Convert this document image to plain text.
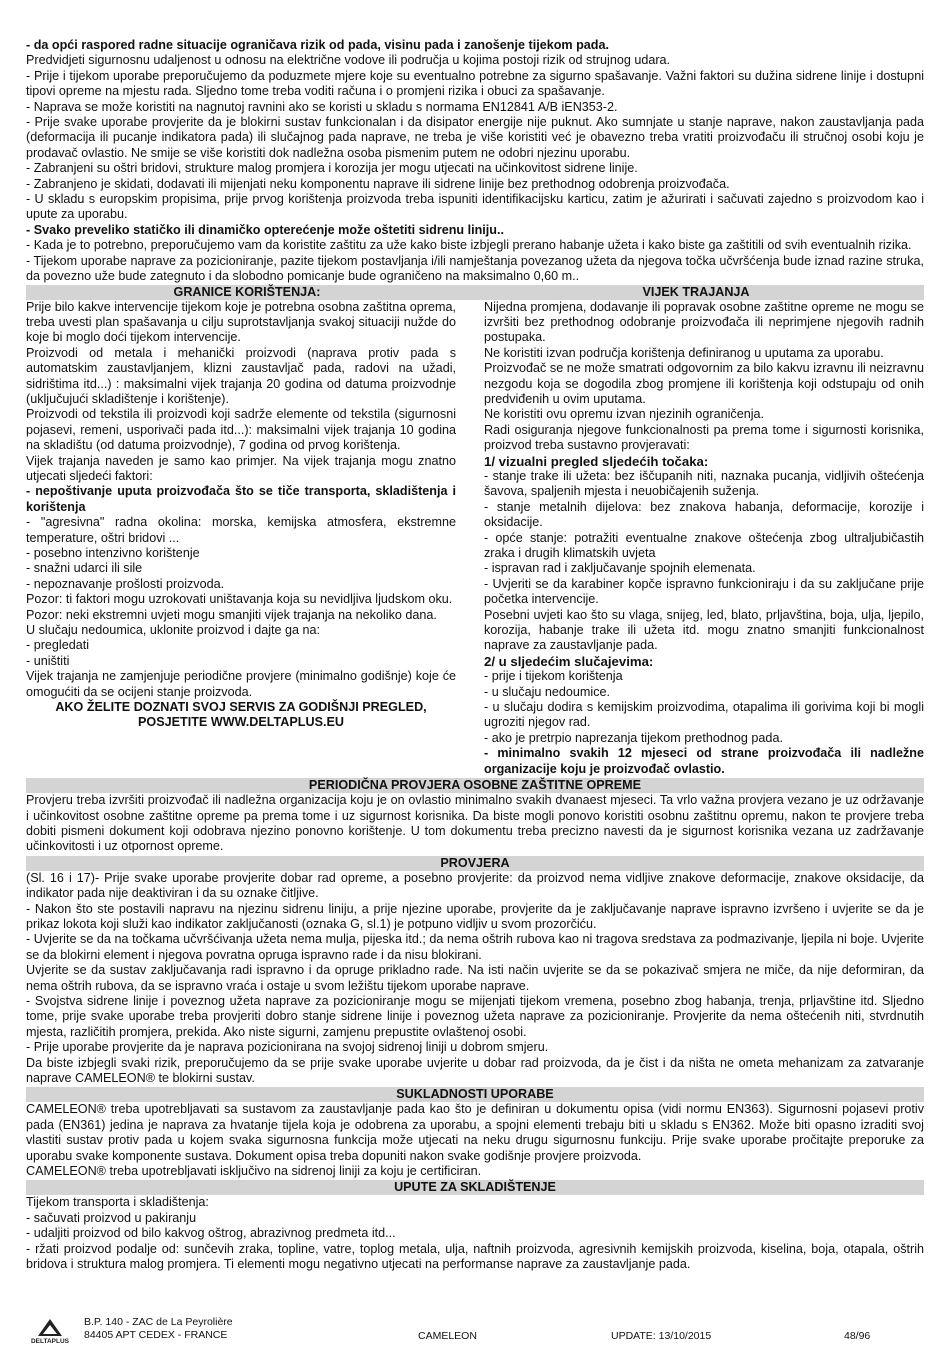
- da opći raspored radne situacije ograničava rizik od pada, visinu pada i zanošenje tijekom pada.

Predvidjeti sigurnosnu udaljenost u odnosu na električne vodove ili područja u kojima postoji rizik od strujnog udara.

- Prije i tijekom uporabe preporučujemo da poduzmete mjere koje su eventualno potrebne za sigurno spašavanje. Važni faktori su dužina sidrene linije i dostupni tipovi opreme na mjestu rada. Sljedno tome treba voditi računa i o promjeni rizika i obuci za spašavanje.

- Naprava se može koristiti na nagnutoj ravnini ako se koristi u skladu s normama EN12841 A/B iEN353-2.

- Prije svake uporabe provjerite da je blokirni sustav funkcionalan i da disipator energije nije puknut. Ako sumnjate u stanje naprave, nakon zaustavljanja pada (deformacija ili pucanje indikatora pada) ili slučajnog pada naprave, ne treba je više koristiti već je obavezno treba vratiti proizvođaču ili stručnoj osobi koju je prodavač ovlastio. Ne smije se više koristiti dok nadležna osoba pismenim putem ne odobri njezinu uporabu.

- Zabranjeni su oštri bridovi, strukture malog promjera i korozija jer mogu utjecati na učinkovitost sidrene linije.

- Zabranjeno je skidati, dodavati ili mijenjati neku komponentu naprave ili sidrene linije bez prethodnog odobrenja proizvođača.

- U skladu s europskim propisima, prije prvog korištenja proizvoda treba ispuniti identifikacijsku karticu, zatim je ažurirati i sačuvati zajedno s proizvodom kao i upute za uporabu.

- Svako preveliko statičko ili dinamičko opterećenje može oštetiti sidrenu liniju..

- Kada je to potrebno, preporučujemo vam da koristite zaštitu za uže kako biste izbjegli prerano habanje užeta i kako biste ga zaštitili od svih eventualnih rizika.

- Tijekom uporabe naprave za pozicioniranje, pazite tijekom postavljanja i/ili namještanja povezanog užeta da njegova točka učvršćenja bude iznad razine struka, da povezno uže bude zategnuto i da slobodno pomicanje bude ograničeno na maksimalno 0,60 m..

GRANICE KORIŠTENJA:	VIJEK TRAJANJA

Prije bilo kakve intervencije tijekom koje je potrebna osobna zaštitna oprema, treba uvesti plan spašavanja u cilju suprotstavljanja svakoj situaciji nužde do koje bi moglo doći tijekom intervencije.

Proizvodi od metala i mehanički proizvodi (naprava protiv pada s automatskim zaustavljanjem, klizni zaustavljač pada, radovi na užadi, sidrištima itd...) : maksimalni vijek trajanja 20 godina od datuma proizvodnje (uključujući skladištenje i korištenje).

Proizvodi od tekstila ili proizvodi koji sadrže elemente od tekstila (sigurnosni pojasevi, remeni, usporivači pada itd...): maksimalni vijek trajanja 10 godina na skladištu (od datuma proizvodnje), 7 godina od prvog korištenja.

Vijek trajanja naveden je samo kao primjer. Na vijek trajanja mogu znatno utjecati sljedeći faktori:

- nepoštivanje uputa proizvođača što se tiče transporta, skladištenja i korištenja

- "agresivna" radna okolina: morska, kemijska atmosfera, ekstremne temperature, oštri bridovi ...

- posebno intenzivno korištenje

- snažni udarci ili sile

- nepoznavanje prošlosti proizvoda.

Pozor: ti faktori mogu uzrokovati uništavanja koja su nevidljiva ljudskom oku.

Pozor: neki ekstremni uvjeti mogu smanjiti vijek trajanja na nekoliko dana.

U slučaju nedoumica, uklonite proizvod i dajte ga na:

- pregledati

- uništiti

Vijek trajanja ne zamjenjuje periodične provjere (minimalno godišnje) koje će omogućiti da se ocijeni stanje proizvoda.

AKO ŽELITE DOZNATI SVOJ SERVIS ZA GODIŠNJI PREGLED,

POSJETITE WWW.DELTAPLUS.EU

Nijedna promjena, dodavanje ili popravak osobne zaštitne opreme ne mogu se izvršiti bez prethodnog odobranje proizvođača ili neprimjene njegovih radnih postupaka.

Ne koristiti izvan područja korištenja definiranog u uputama za uporabu.

Proizvođač se ne može smatrati odgovornim za bilo kakvu izravnu ili neizravnu nezgodu koja se dogodila zbog promjene ili korištenja koji odstupaju od onih predviđenih u ovim uputama.

Ne koristiti ovu opremu izvan njezinih ograničenja.

Radi osiguranja njegove funkcionalnosti pa prema tome i sigurnosti korisnika, proizvod treba sustavno provjeravati:

1/ vizualni pregled sljedećih točaka:

- stanje trake ili užeta: bez iščupanih niti, naznaka pucanja, vidljivih oštećenja šavova, spaljenih mjesta i neuobičajenih suženja.

- stanje metalnih dijelova: bez znakova habanja, deformacije, korozije i oksidacije.

- opće stanje: potražiti eventualne znakove oštećenja zbog ultraljubičastih zraka i drugih klimatskih uvjeta

- ispravan rad i zaključavanje spojnih elemenata.

- Uvjeriti se da karabiner kopče ispravno funkcioniraju i da su zaključane prije početka intervencije.

Posebni uvjeti kao što su vlaga, snijeg, led, blato, prljavština, boja, ulja, ljepilo, korozija, habanje trake ili užeta itd. mogu znatno smanjiti funkcionalnost naprave za zaustavljanje pada.

2/ u sljedećim slučajevima:

- prije i tijekom korištenja

- u slučaju nedoumice.

- u slučaju dodira s kemijskim proizvodima, otapalima ili gorivima koji bi mogli ugroziti njegov rad.

- ako je pretrpio naprezanja tijekom prethodnog pada.

- minimalno svakih 12 mjeseci od strane proizvođača ili nadležne organizacije koju je proizvođač ovlastio.

PERIODIČNA PROVJERA OSOBNE ZAŠTITNE OPREME

Provjeru treba izvršiti proizvođač ili nadležna organizacija koju je on ovlastio minimalno svakih dvanaest mjeseci. Ta vrlo važna provjera vezano je uz održavanje i učinkovitost osobne zaštitne opreme pa prema tome i uz sigurnost korisnika. Da biste mogli ponovo koristiti osobnu zaštitnu opremu, nakon te provjere treba dobiti pismeni dokument koji odobrava njezino ponovno korištenje. U tom dokumentu treba precizno navesti da je sigurnost korisnika vezana uz zadržavanje učinkovitosti i uz otpornost opreme.

PROVJERA

(Sl. 16 i 17)- Prije svake uporabe provjerite dobar rad opreme, a posebno provjerite: da proizvod nema vidljive znakove deformacije, znakove oksidacije, da indikator pada nije deaktiviran i da su oznake čitljive.

- Nakon što ste postavili napravu na njezinu sidrenu liniju, a prije njezine uporabe, provjerite da je zaključavanje naprave ispravno izvršeno i uvjerite se da je prikaz lokota koji služi kao indikator zaključanosti (oznaka G, sl.1) je potpuno vidljiv u svom prozorčiću.

- Uvjerite se da na točkama učvršćivanja užeta nema mulja, pijeska itd.; da nema oštrih rubova kao ni tragova sredstava za podmazivanje, ljepila ni boje. Uvjerite se da blokirni element i njegova povratna opruga ispravno rade i da nisu blokirani.

Uvjerite se da sustav zaključavanja radi ispravno i da opruge prikladno rade. Na isti način uvjerite se da se pokazivač smjera ne miče, da nije deformiran, da nema oštrih rubova, da se ispravno vraća i ostaje u svom ležištu tijekom uporabe naprave.

- Svojstva sidrene linije i poveznog užeta naprave za pozicioniranje mogu se mijenjati tijekom vremena, posebno zbog habanja, trenja, prljavštine itd. Sljedno tome, prije svake uporabe treba provjeriti dobro stanje sidrene linije i poveznog užeta naprave za pozicioniranje. Provjerite da nema oštećenih niti, stvrdnutih mjesta, različitih promjera, prekida. Ako niste sigurni, zamjenu prepustite ovlaštenoj osobi.

- Prije uporabe provjerite da je naprava pozicionirana na svojoj sidrenoj liniji u dobrom smjeru.

Da biste izbjegli svaki rizik, preporučujemo da se prije svake uporabe uvjerite u dobar rad proizvoda, da je čist i da ništa ne ometa mehanizam za zatvaranje naprave CAMELEON® te blokirni sustav.

SUKLADNOSTI UPORABE

CAMELEON® treba upotrebljavati sa sustavom za zaustavljanje pada kao što je definiran u dokumentu opisa (vidi normu EN363). Sigurnosni pojasevi protiv pada (EN361) jedina je naprava za hvatanje tijela koja je odobrena za uporabu, a spojni elementi trebaju biti u skladu s EN362. Može biti opasno izraditi svoj vlastiti sustav protiv pada u kojem svaka sigurnosna funkcija može utjecati na neku drugu sigurnosnu funkciju. Prije svake uporabe pročitajte preporuke za uporabu svake komponente sustava. Dokument opisa treba dopuniti nakon svake godišnje provjere proizvoda.

CAMELEON® treba upotrebljavati isključivo na sidrenoj liniji za koju je certificiran.

UPUTE ZA SKLADIŠTENJE

Tijekom transporta i skladištenja:

- sačuvati proizvod u pakiranju

- udaljiti proizvod od bilo kakvog oštrog, abrazivnog predmeta itd...

- ržati proizvod podalje od: sunčevih zraka, topline, vatre, toplog metala, ulja, naftnih proizvoda, agresivnih kemijskih proizvoda, kiselina, boja, otapala, oštrih bridova i struktura malog promjera. Ti elementi mogu negativno utjecati na performanse naprave za zaustavljanje pada.

DELTAPLUS
B.P. 140 - ZAC de La Peyrolière
84405 APT CEDEX - FRANCE	CAMELEON	UPDATE: 13/10/2015	48/96
